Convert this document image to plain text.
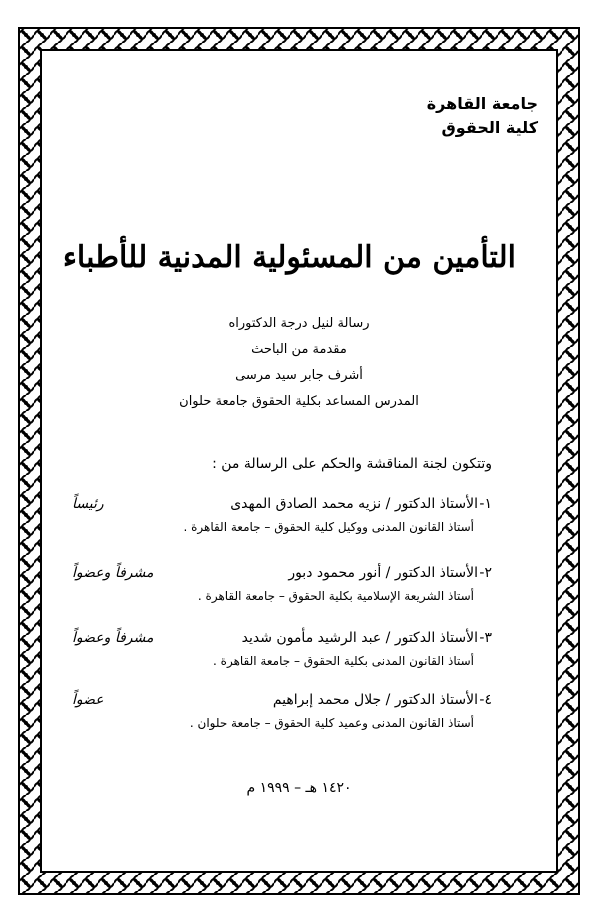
جامعة القاهرة
كلية الحقوق
التأمين من المسئولية المدنية للأطباء
رسالة لنيل درجة الدكتوراه
مقدمة من الباحث
أشرف جابر سيد مرسى
المدرس المساعد بكلية الحقوق جامعة حلوان
وتتكون لجنة المناقشة والحكم على الرسالة من :
١-
الأستاذ الدكتور / نزيه محمد الصادق المهدى
رئيساً
أستاذ القانون المدنى ووكيل كلية الحقوق – جامعة القاهرة .
٢-
الأستاذ الدكتور / أنور محمود دبور
مشرفاً وعضواً
أستاذ الشريعة الإسلامية بكلية الحقوق – جامعة القاهرة .
٣-
الأستاذ الدكتور / عبد الرشيد مأمون شديد
مشرفاً وعضواً
أستاذ القانون المدنى بكلية الحقوق – جامعة القاهرة .
٤-
الأستاذ الدكتور / جلال محمد إبراهيم
عضواً
أستاذ القانون المدنى وعميد كلية الحقوق – جامعة حلوان .
١٤٢٠ هـ – ١٩٩٩ م
